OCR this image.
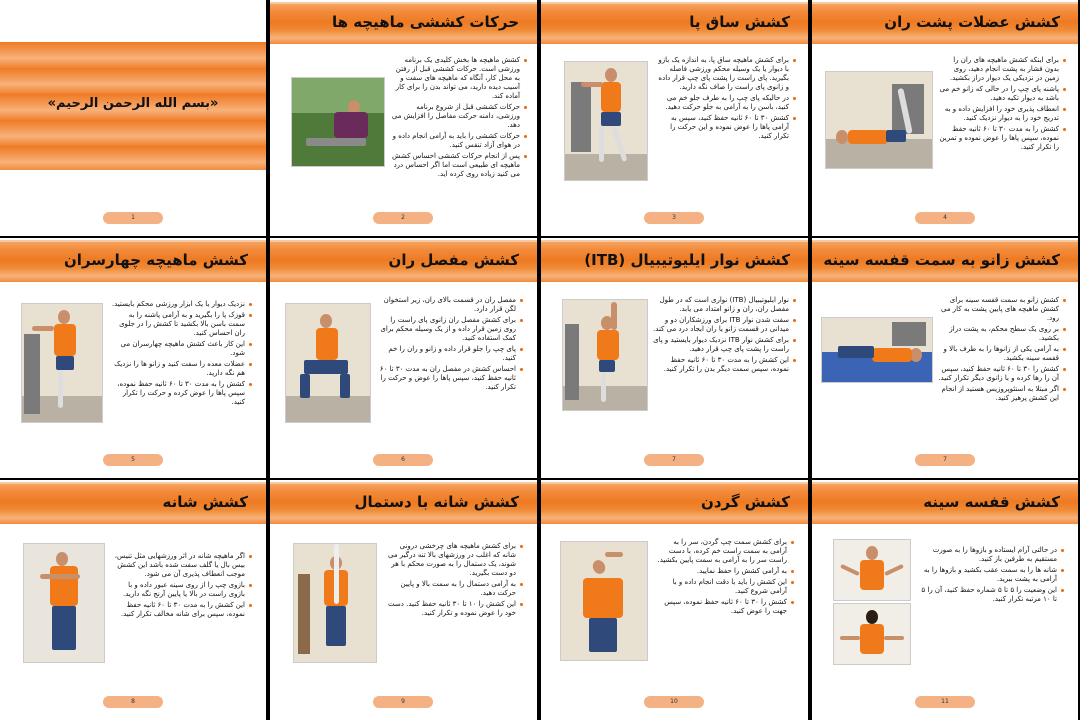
«بسم الله الرحمن الرحیم»
1
حرکات کششی ماهیچه ها
کشش ماهیچه ها بخش کلیدی یک برنامه ورزشی است. حرکات کششی قبل از رفتن به محل کار، آنگاه که ماهیچه های سفت و آسیب دیده دارید، می تواند بدن را برای کار آماده کند.
حرکات کششی قبل از شروع برنامه ورزشی، دامنه حرکت مفاصل را افزایش می دهد.
حرکات کششی را باید به آرامی انجام داده و در هوای آزاد تنفس کنید.
پس از انجام حرکات کششی احساس کشش ماهیچه ای طبیعی است اما اگر احساس درد می کنید زیاده روی کرده اید.
2
کشش ساق پا
برای کشش ماهیچه ساق پا، به اندازه یک بازو با دیوار یا یک وسیله محکم ورزشی فاصله بگیرید. پای راست را پشت پای چپ قرار داده و زانوی پای راست را صاف نگه دارید.
در حالیکه پای چپ را به طرف جلو خم می کنید، باسن را به آرامی به جلو حرکت دهید.
کشش ۳۰ تا ۶۰ ثانیه حفظ کنید، سپس به آرامی پاها را عوض نموده و این حرکت را تکرار کنید.
3
کشش عضلات پشت ران
برای اینکه کشش ماهیچه های ران را بدون فشار به پشت انجام دهید، روی زمین در نزدیکی یک دیوار دراز بکشید.
پاشنه پای چپ را در حالی که زانو خم می باشد به دیوار تکیه دهید.
انعطاف پذیری خود را افزایش داده و به تدریج خود را به دیوار نزدیک کنید.
کشش را به مدت ۳۰ تا ۶۰ ثانیه حفظ نموده، سپس پاها را عوض نموده و تمرین را تکرار کنید.
4
کشش ماهیچه چهارسران
نزدیک دیوار یا یک ابزار ورزشی محکم بایستید.
قوزک پا را بگیرید و به آرامی پاشنه را به سمت باسن بالا بکشید تا کشش را در جلوی ران احساس کنید.
این کار باعث کشش ماهیچه چهارسران می شود.
عضلات معده را سفت کنید و زانو ها را نزدیک هم نگه دارید.
کشش را به مدت ۳۰ تا ۶۰ ثانیه حفظ نموده، سپس پاها را عوض کرده و حرکت را تکرار کنید.
5
کشش مفصل ران
مفصل ران در قسمت بالای ران، زیر استخوان لگن قرار دارد.
برای کشش مفصل ران زانوی پای راست را روی زمین قرار داده و از یک وسیله محکم برای کمک استفاده کنید.
پای چپ را جلو قرار داده و زانو و ران را خم کنید.
احساس کشش در مفصل ران به مدت ۳۰ تا ۶۰ ثانیه حفظ کنید، سپس پاها را عوض و حرکت را تکرار کنید.
6
کشش نوار ایلیوتیبیال (ITB)
نوار ایلیوتیبیال (ITB) نواری است که در طول مفصل ران، ران و زانو امتداد می یابد.
سفت شدن نوار ITB برای ورزشکاران دو و میدانی در قسمت زانو یا ران ایجاد درد می کند.
برای کشش نوار ITB نزدیک دیوار بایستید و پای راست را پشت پای چپ قرار دهید.
این کشش را به مدت ۳۰ تا ۶۰ ثانیه حفظ نموده، سپس سمت دیگر بدن را تکرار کنید.
7
کشش زانو به سمت قفسه سینه
کشش زانو به سمت قفسه سینه برای کشش ماهیچه های پایین پشت به کار می رود.
بر روی یک سطح محکم، به پشت دراز بکشید.
به آرامی یکی از زانوها را به طرف بالا و قفسه سینه بکشید.
کشش را ۳۰ تا ۶۰ ثانیه حفظ کنید، سپس آن را رها کرده و با زانوی دیگر تکرار کنید.
اگر مبتلا به استئوپروزیس هستید از انجام این کشش پرهیز کنید.
7
کشش شانه
اگر ماهیچه شانه در اثر ورزشهایی مثل تنیس، بیس بال یا گلف سفت شده باشد این کشش موجب انعطاف پذیری آن می شود.
بازوی چپ را از روی سینه عبور داده و با بازوی راست در بالا یا پایین آرنج نگه دارید.
این کشش را به مدت ۳۰ تا ۶۰ ثانیه حفظ نموده، سپس برای شانه مخالف تکرار کنید.
8
کشش شانه با دستمال
برای کشش ماهیچه های چرخشی درونی شانه که اغلب در ورزشهای بالا تنه درگیر می شوند، یک دستمال را به صورت محکم با هر دو دست بگیرید.
به آرامی دستمال را به سمت بالا و پایین حرکت دهید.
این کشش را ۱۰ تا ۳۰ ثانیه حفظ کنید. دست خود را عوض نموده و تکرار کنید.
9
کشش گردن
برای کشش سمت چپ گردن، سر را به آرامی به سمت راست خم کرده، با دست راست سر را به آرامی به سمت پایین بکشید.
به آرامی کشش را حفظ نمایید.
این کشش را باید با دقت انجام داده و با آرامی شروع کنید.
کشش را ۳۰ تا ۶۰ ثانیه حفظ نموده، سپس جهت را عوض کنید.
10
کشش قفسه سینه
در حالتی آرام ایستاده و بازوها را به صورت مستقیم به طرفین باز کنید.
شانه ها را به سمت عقب بکشید و بازوها را به آرامی به پشت ببرید.
این وضعیت را ۵ تا ۵ شماره حفظ کنید، آن را ۵ تا ۱۰ مرتبه تکرار کنید.
11
